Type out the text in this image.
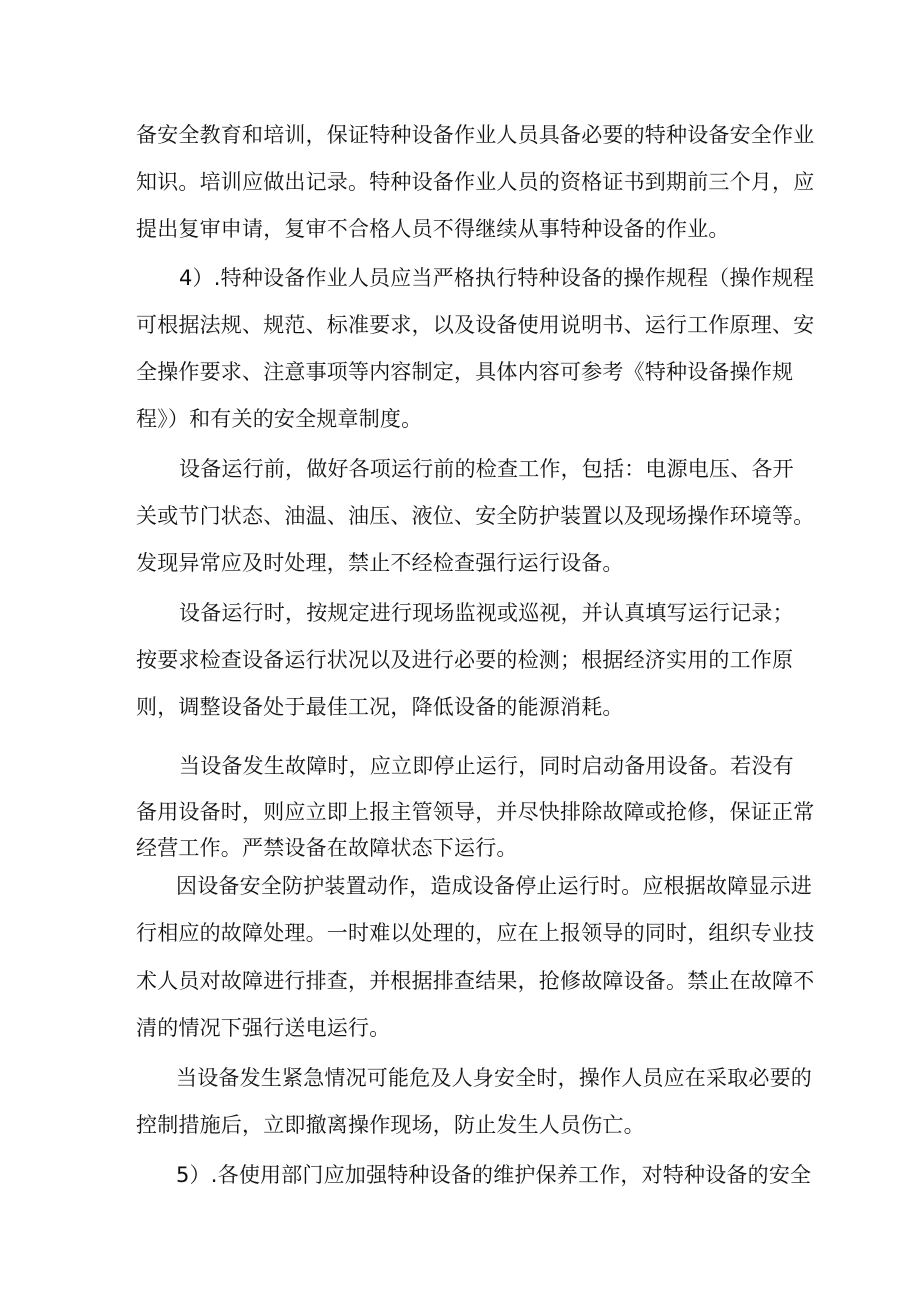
备安全教育和培训，保证特种设备作业人员具备必要的特种设备安全作业
知识。培训应做出记录。特种设备作业人员的资格证书到期前三个月，应
提出复审申请，复审不合格人员不得继续从事特种设备的作业。
4）.特种设备作业人员应当严格执行特种设备的操作规程（操作规程
可根据法规、规范、标准要求，以及设备使用说明书、运行工作原理、安
全操作要求、注意事项等内容制定，具体内容可参考《特种设备操作规
程》）和有关的安全规章制度。
设备运行前，做好各项运行前的检查工作，包括：电源电压、各开
关或节门状态、油温、油压、液位、安全防护装置以及现场操作环境等。
发现异常应及时处理，禁止不经检查强行运行设备。
设备运行时，按规定进行现场监视或巡视，并认真填写运行记录；
按要求检查设备运行状况以及进行必要的检测；根据经济实用的工作原
则，调整设备处于最佳工况，降低设备的能源消耗。
当设备发生故障时，应立即停止运行，同时启动备用设备。若没有
备用设备时，则应立即上报主管领导，并尽快排除故障或抢修，保证正常
经营工作。严禁设备在故障状态下运行。
因设备安全防护装置动作，造成设备停止运行时。应根据故障显示进
行相应的故障处理。一时难以处理的，应在上报领导的同时，组织专业技
术人员对故障进行排查，并根据排查结果，抢修故障设备。禁止在故障不
清的情况下强行送电运行。
当设备发生紧急情况可能危及人身安全时，操作人员应在采取必要的
控制措施后，立即撤离操作现场，防止发生人员伤亡。
5）.各使用部门应加强特种设备的维护保养工作，对特种设备的安全
